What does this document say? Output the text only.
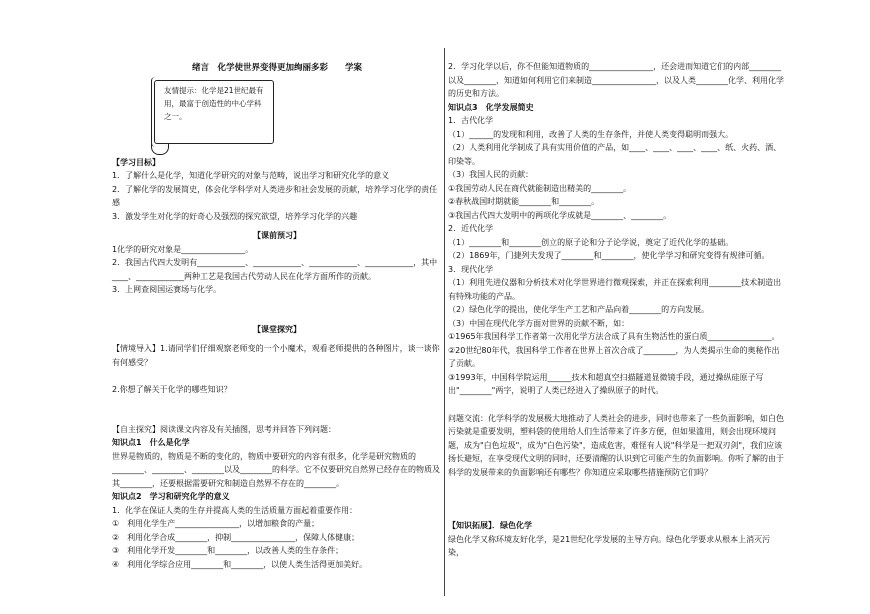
绪言　化学使世界变得更加绚丽多彩　　学案
友情提示：化学是21世纪最有用，最富于创造性的中心学科之一。

【学习目标】

1．了解什么是化学，知道化学研究的对象与范畴，说出学习和研究化学的意义

2．了解化学的发展简史，体会化学科学对人类进步和社会发展的贡献，培养学习化学的责任感

3．激发学生对化学的好奇心及强烈的探究欲望，培养学习化学的兴趣

【课前预习】

1化学的研究对象是________________。

2．我国古代四大发明有____________、____________、____________、____________，其中

____、____________两种工艺是我国古代劳动人民在化学方面所作的贡献。

3．上网查阅国运赛场与化学。

【课堂探究】

【情境导入】1.请同学们仔细观察老师变的一个小魔术，观看老师提供的各种图片，谈一谈你有何感受？

2.你想了解关于化学的哪些知识？

【自主探究】阅读课文内容及有关插图，思考并回答下列问题：

知识点1　什么是化学

世界是物质的，物质是不断的变化的，物质中要研究的内容有很多，化学是研究物质的________、________、________以及________的科学。它不仅要研究自然界已经存在的物质及其________，还要根据需要研究和制造自然界不存在的________。

知识点2　学习和研究化学的意义

1．化学在保证人类的生存并提高人类的生活质量方面起着重要作用：

①　利用化学生产________________，以增加粮食的产量；

②　利用化学合成________，抑制________________，保障人体健康；

③　利用化学开发________和________，以改善人类的生存条件；

④　利用化学综合应用________和________，以使人类生活得更加美好。

2．学习化学以后，你不但能知道物质的________________，还会进而知道它们的内部________以及________，知道如何利用它们来制造________________，以及人类________化学、利用化学的历史和方法。

知识点3　化学发展简史

1．古代化学

（1）______的发现和利用，改善了人类的生存条件，并使人类变得聪明而强大。

（2）人类利用化学制成了具有实用价值的产品，如____、____、____、____、纸、火药、酒、印染等。

（3）我国人民的贡献：

①我国劳动人民在商代就能制造出精美的________。

②春秋战国时期就能________和________。

③我国古代四大发明中的两项化学成就是________、________。

2．近代化学

（1）________和________创立的原子论和分子论学说，奠定了近代化学的基础。

（2）1869年，门捷列夫发现了________和________，使化学学习和研究变得有规律可循。

3．现代化学

（1）利用先进仪器和分析技术对化学世界进行微观探索，并正在探索利用________技术制造出有特殊功能的产品。

（2）绿色化学的提出，使化学生产工艺和产品向着________的方向发展。

（3）中国在现代化学方面对世界的贡献不断，如：

①1965年我国科学工作者第一次用化学方法合成了具有生物活性的蛋白质________________。

②20世纪80年代，我国科学工作者在世界上首次合成了________，为人类揭示生命的奥秘作出了贡献。

③1993年，中国科学院运用______技术和超真空扫描隧道显微镜手段，通过操纵硅原子写出"________"两字，说明了人类已经进入了操纵原子的时代。

问题交流：化学科学的发展极大地推动了人类社会的进步，同时也带来了一些负面影响，如白色污染就是重要发明，塑料袋的使用给人们生活带来了许多方便，但如果滥用，则会出现环境问题，成为"白色垃圾"，成为"白色污染"，造成危害，难怪有人说"科学是一把双刃剑"，我们应该扬长避短，在享受现代文明的同时，还要清醒的认识到它可能产生的负面影响。你听了解的由于科学的发展带来的负面影响还有哪些？你知道应采取哪些措施预防它们吗？

【知识拓展】．绿色化学

绿色化学又称环境友好化学，是21世纪化学发展的主导方向。绿色化学要求从根本上消灭污染，
